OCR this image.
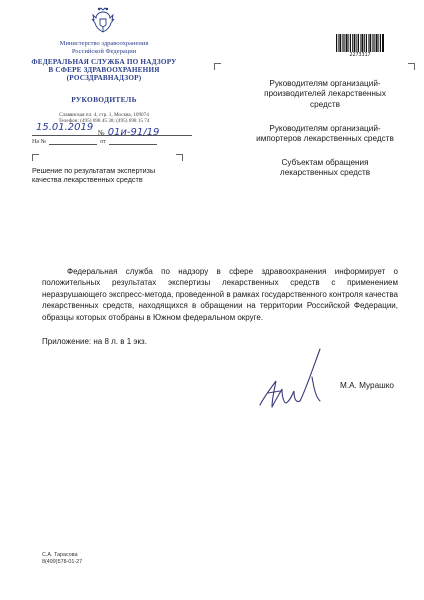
Министерство здравоохранения
Российской Федерации
ФЕДЕРАЛЬНАЯ СЛУЖБА ПО НАДЗОРУ
В СФЕРЕ ЗДРАВООХРАНЕНИЯ
(РОСЗДРАВНАДЗОР)
РУКОВОДИТЕЛЬ
Славянская пл. 4, стр. 1, Москва, 109074
Телефон: (495) 698 45 38; (495) 698 15 74
15.01.2019 № 01и-91/19
На №	от
Решение по результатам экспертизы
качества лекарственных средств
2273317
Руководителям организаций-
производителей лекарственных
средств
Руководителям организаций-
импортеров лекарственных средств
Субъектам обращения
лекарственных средств
Федеральная служба по надзору в сфере здравоохранения информирует о положительных результатах экспертизы лекарственных средств с применением неразрушающего экспресс-метода, проведенной в рамках государственного контроля качества лекарственных средств, находящихся в обращении на территории Российской Федерации, образцы которых отобраны в Южном федеральном округе.
Приложение: на 8 л. в 1 экз.
М.А. Мурашко
С.А. Тарасова
8(499)578-01-27
